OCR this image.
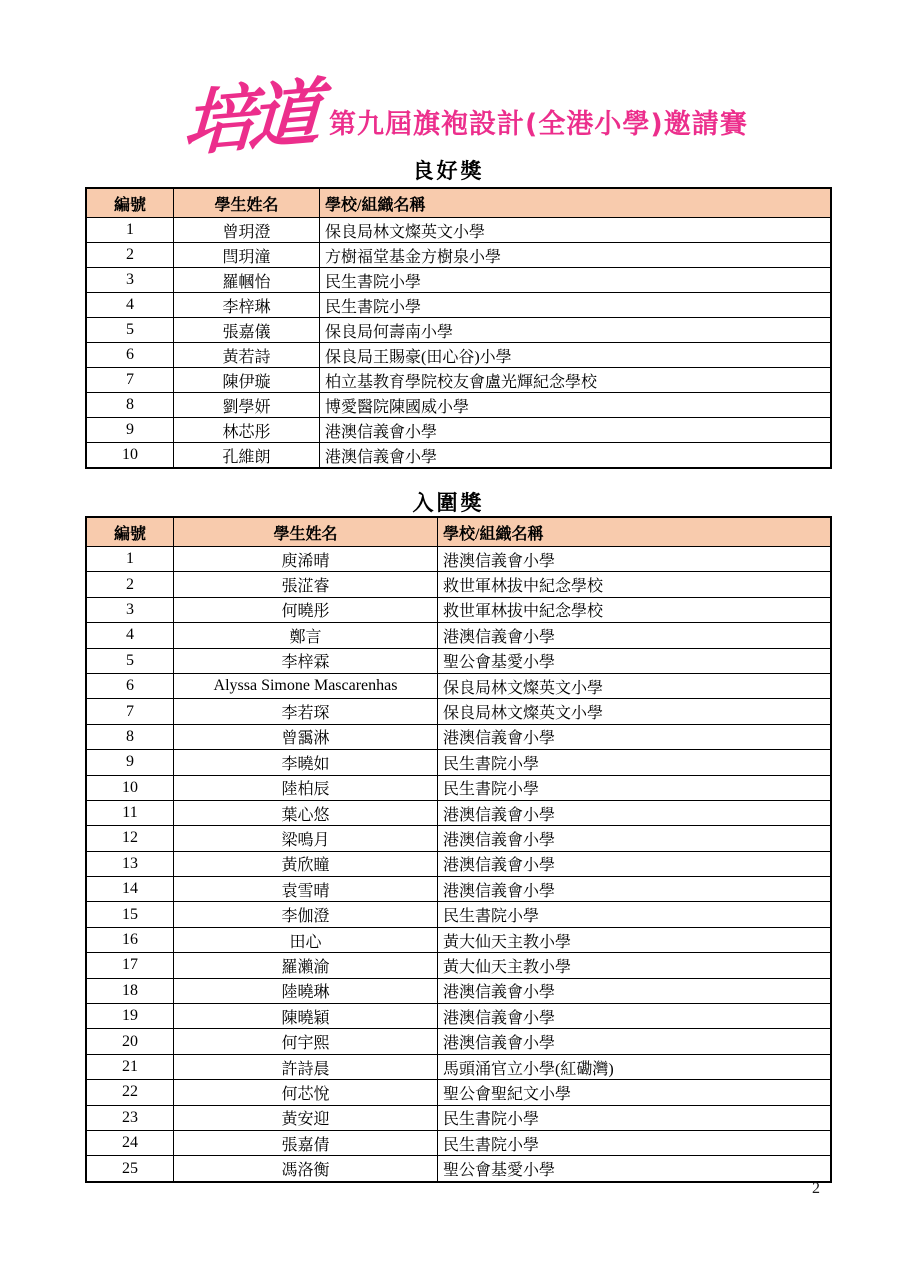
培道 第九屆旗袍設計(全港小學)邀請賽
良好獎
編號	學生姓名	學校/組織名稱
1	曾玥澄	保良局林文燦英文小學
2	閆玥潼	方樹福堂基金方樹泉小學
3	羅幗怡	民生書院小學
4	李梓琳	民生書院小學
5	張嘉儀	保良局何壽南小學
6	黃若詩	保良局王賜豪(田心谷)小學
7	陳伊璇	柏立基教育學院校友會盧光輝紀念學校
8	劉學妍	博愛醫院陳國威小學
9	林芯彤	港澳信義會小學
10	孔維朗	港澳信義會小學
入圍獎
編號	學生姓名	學校/組織名稱
1	庾浠晴	港澳信義會小學
2	張淽睿	救世軍林拔中紀念學校
3	何曉彤	救世軍林拔中紀念學校
4	鄭言	港澳信義會小學
5	李梓霖	聖公會基愛小學
6	Alyssa Simone Mascarenhas	保良局林文燦英文小學
7	李若琛	保良局林文燦英文小學
8	曾靄淋	港澳信義會小學
9	李曉如	民生書院小學
10	陸柏辰	民生書院小學
11	葉心悠	港澳信義會小學
12	梁鳴月	港澳信義會小學
13	黃欣瞳	港澳信義會小學
14	袁雪晴	港澳信義會小學
15	李伽澄	民生書院小學
16	田心	黃大仙天主教小學
17	羅瀨渝	黃大仙天主教小學
18	陸曉琳	港澳信義會小學
19	陳曉穎	港澳信義會小學
20	何宇熙	港澳信義會小學
21	許詩晨	馬頭涌官立小學(紅磡灣)
22	何芯悅	聖公會聖紀文小學
23	黃安迎	民生書院小學
24	張嘉倩	民生書院小學
25	馮洛衡	聖公會基愛小學
2
